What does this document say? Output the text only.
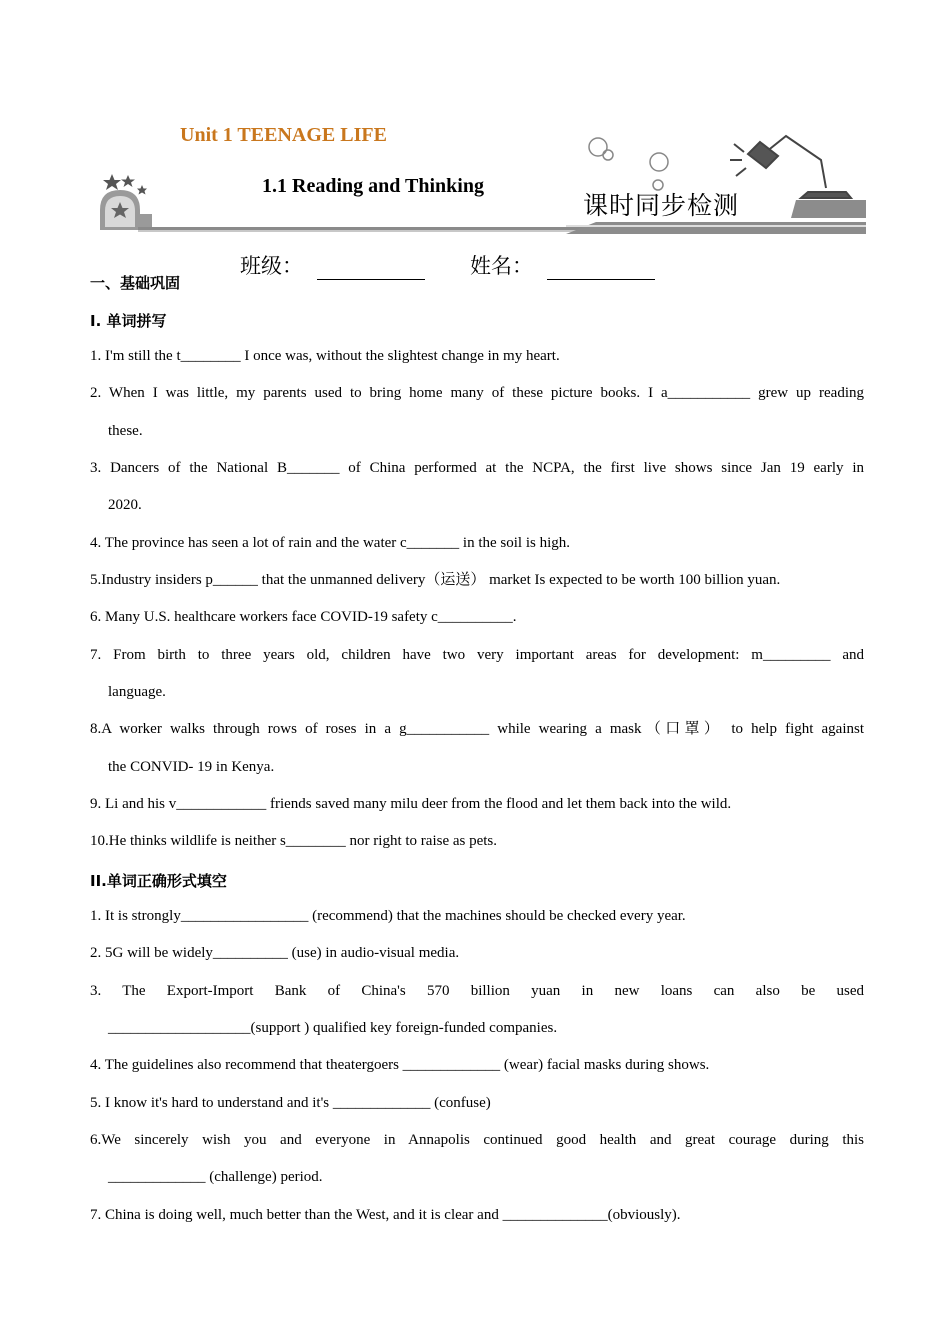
Unit 1 TEENAGE LIFE
1.1 Reading and Thinking
课时同步检测
班级：	姓名：
一、基础巩固
I. 单词拼写
1. I'm still the t________ I once was, without the slightest change in my heart.
2. When I was little, my parents used to bring home many of these picture books. I a___________ grew up reading
these.
3. Dancers of the National B_______ of China performed at the NCPA, the first live shows since Jan 19 early in
2020.
4. The province has seen a lot of rain and the water c_______ in the soil is high.
5.Industry insiders p______ that the unmanned delivery（运送） market Is expected to be worth 100 billion yuan.
6. Many U.S. healthcare workers face COVID-19 safety c__________.
7. From birth to three years old, children have two very important areas for development: m_________ and
language.
8.A worker walks through rows of roses in a g___________ while wearing a mask（口罩） to help fight against
the CONVID- 19 in Kenya.
9. Li and his v____________ friends saved many milu deer from the flood and let them back into the wild.
10.He thinks wildlife is neither s________ nor right to raise as pets.
II.单词正确形式填空
1. It is strongly_________________ (recommend) that the machines should be checked every year.
2. 5G will be widely__________ (use) in audio-visual media.
3. The Export-Import Bank of China's 570 billion yuan in new loans can also be used
___________________(support ) qualified key foreign-funded companies.
4. The guidelines also recommend that theatergoers _____________ (wear) facial masks during shows.
5. I know it's hard to understand and it's _____________ (confuse)
6.We sincerely wish you and everyone in Annapolis continued good health and great courage during this
_____________ (challenge) period.
7. China is doing well, much better than the West, and it is clear and ______________(obviously).
